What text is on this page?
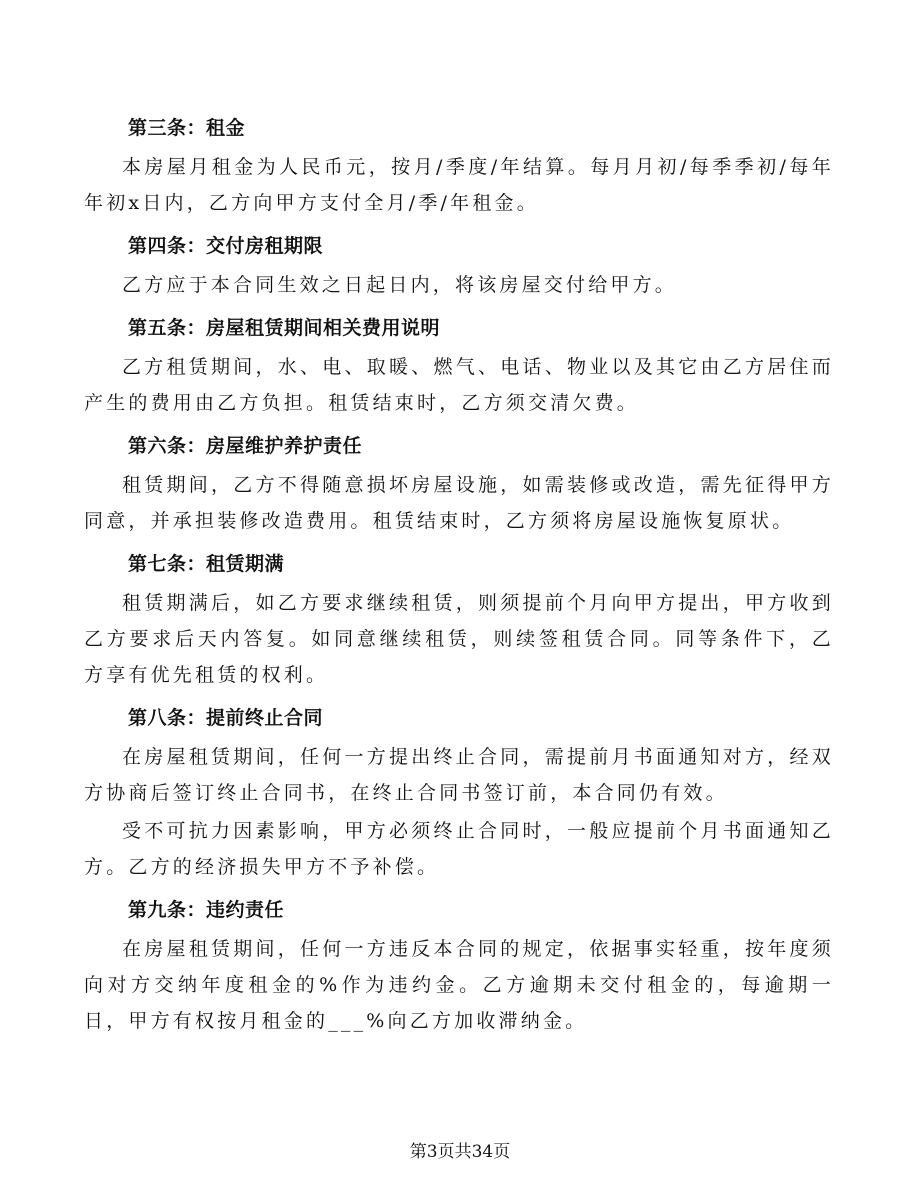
第三条：租金
本房屋月租金为人民币元，按月/季度/年结算。每月月初/每季季初/每年年初x日内，乙方向甲方支付全月/季/年租金。
第四条：交付房租期限
乙方应于本合同生效之日起日内，将该房屋交付给甲方。
第五条：房屋租赁期间相关费用说明
乙方租赁期间，水、电、取暖、燃气、电话、物业以及其它由乙方居住而产生的费用由乙方负担。租赁结束时，乙方须交清欠费。
第六条：房屋维护养护责任
租赁期间，乙方不得随意损坏房屋设施，如需装修或改造，需先征得甲方同意，并承担装修改造费用。租赁结束时，乙方须将房屋设施恢复原状。
第七条：租赁期满
租赁期满后，如乙方要求继续租赁，则须提前个月向甲方提出，甲方收到乙方要求后天内答复。如同意继续租赁，则续签租赁合同。同等条件下，乙方享有优先租赁的权利。
第八条：提前终止合同
在房屋租赁期间，任何一方提出终止合同，需提前月书面通知对方，经双方协商后签订终止合同书，在终止合同书签订前，本合同仍有效。
受不可抗力因素影响，甲方必须终止合同时，一般应提前个月书面通知乙方。乙方的经济损失甲方不予补偿。
第九条：违约责任
在房屋租赁期间，任何一方违反本合同的规定，依据事实轻重，按年度须向对方交纳年度租金的%作为违约金。乙方逾期未交付租金的，每逾期一日，甲方有权按月租金的___%向乙方加收滞纳金。
第3页共34页
